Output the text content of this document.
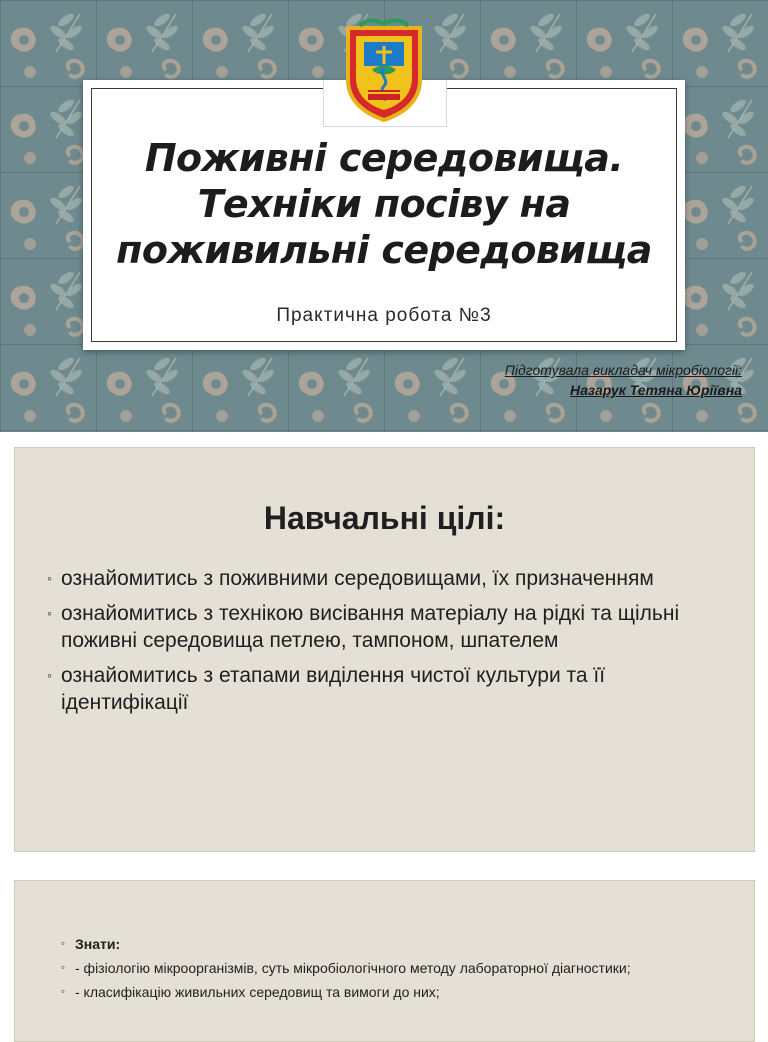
Поживні середовища. Техніки посіву на поживильні середовища
Практична робота №3
Підготувала викладач мікробіології:
Назарук Тетяна Юріївна
Навчальні цілі:
◦ ознайомитись з поживними середовищами, їх призначенням
◦ ознайомитись з технікою висівання матеріалу на рідкі та щільні поживні середовища петлею, тампоном, шпателем
◦ ознайомитись з етапами виділення чистої культури та її ідентифікації
◦ Знати:
◦ - фізіологію мікроорганізмів, суть мікробіологічного методу лабораторної діагностики;
◦ - класифікацію живильних середовищ та вимоги до них;
